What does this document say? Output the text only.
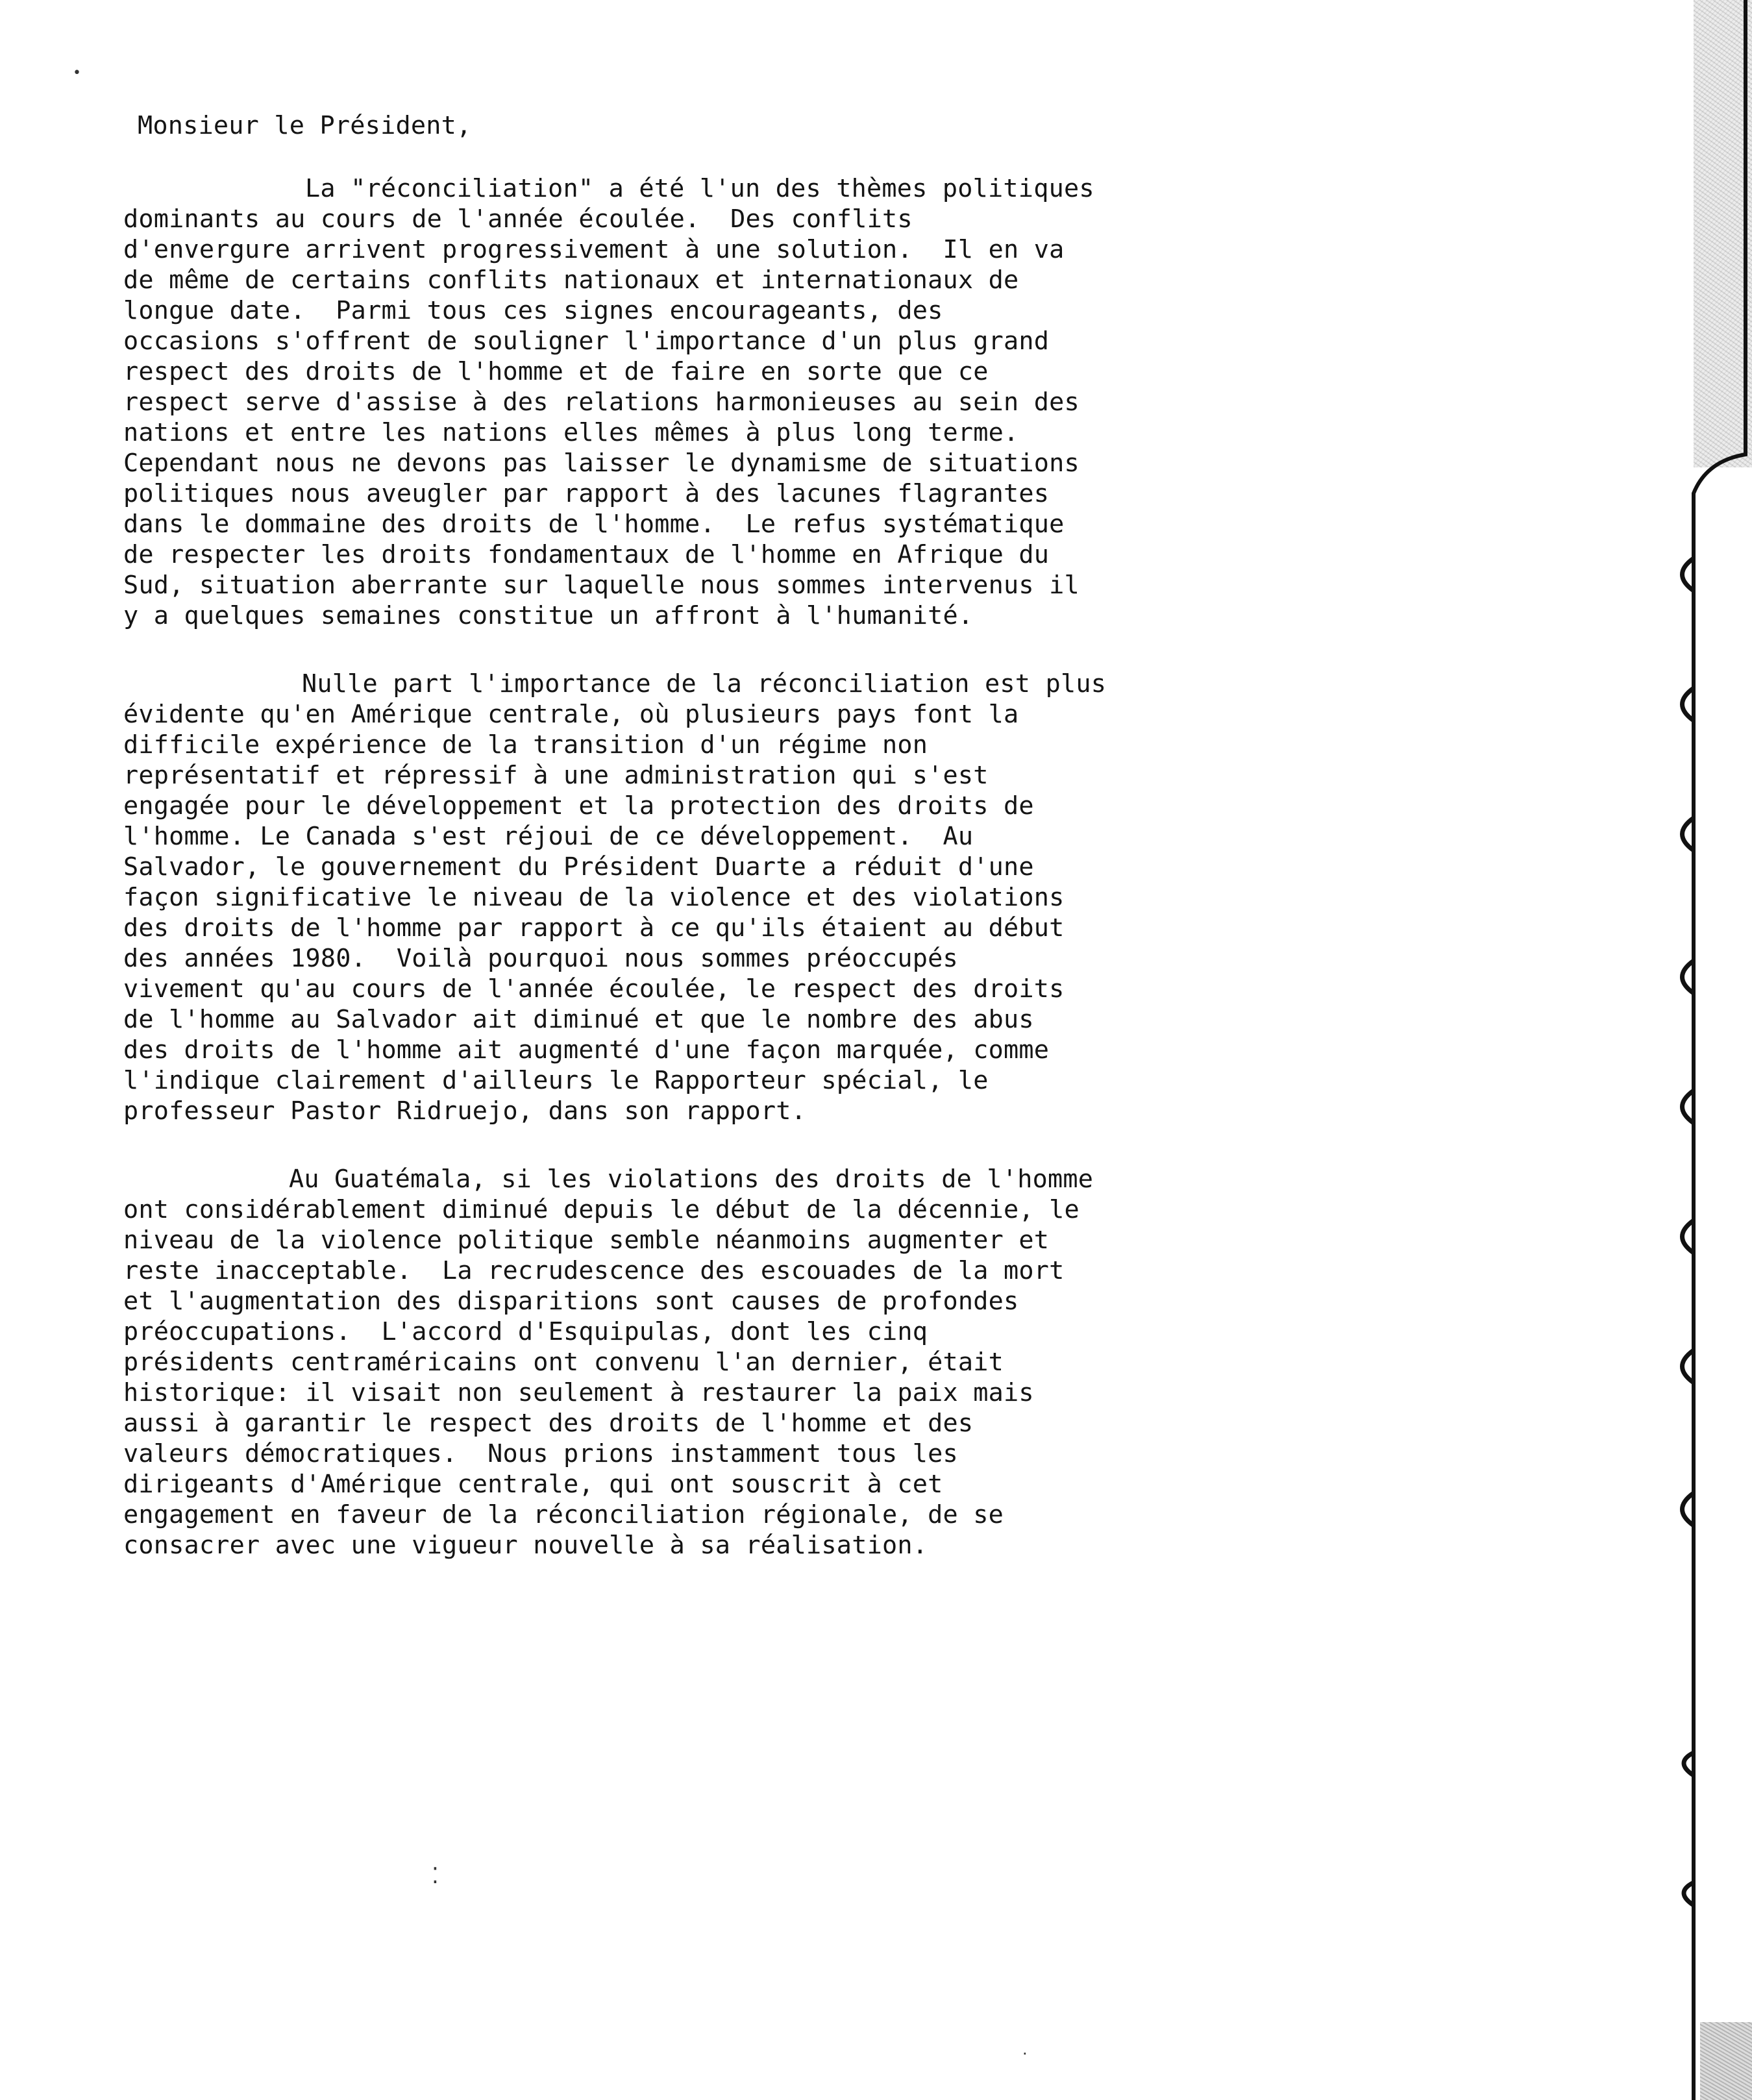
Monsieur le Président,
La "réconciliation" a été l'un des thèmes politiques
dominants au cours de l'année écoulée.  Des conflits
d'envergure arrivent progressivement à une solution.  Il en va
de même de certains conflits nationaux et internationaux de
longue date.  Parmi tous ces signes encourageants, des
occasions s'offrent de souligner l'importance d'un plus grand
respect des droits de l'homme et de faire en sorte que ce
respect serve d'assise à des relations harmonieuses au sein des
nations et entre les nations elles mêmes à plus long terme.
Cependant nous ne devons pas laisser le dynamisme de situations
politiques nous aveugler par rapport à des lacunes flagrantes
dans le dommaine des droits de l'homme.  Le refus systématique
de respecter les droits fondamentaux de l'homme en Afrique du
Sud, situation aberrante sur laquelle nous sommes intervenus il
y a quelques semaines constitue un affront à l'humanité.
Nulle part l'importance de la réconciliation est plus
évidente qu'en Amérique centrale, où plusieurs pays font la
difficile expérience de la transition d'un régime non
représentatif et répressif à une administration qui s'est
engagée pour le développement et la protection des droits de
l'homme. Le Canada s'est réjoui de ce développement.  Au
Salvador, le gouvernement du Président Duarte a réduit d'une
façon significative le niveau de la violence et des violations
des droits de l'homme par rapport à ce qu'ils étaient au début
des années 1980.  Voilà pourquoi nous sommes préoccupés
vivement qu'au cours de l'année écoulée, le respect des droits
de l'homme au Salvador ait diminué et que le nombre des abus
des droits de l'homme ait augmenté d'une façon marquée, comme
l'indique clairement d'ailleurs le Rapporteur spécial, le
professeur Pastor Ridruejo, dans son rapport.
Au Guatémala, si les violations des droits de l'homme
ont considérablement diminué depuis le début de la décennie, le
niveau de la violence politique semble néanmoins augmenter et
reste inacceptable.  La recrudescence des escouades de la mort
et l'augmentation des disparitions sont causes de profondes
préoccupations.  L'accord d'Esquipulas, dont les cinq
présidents centraméricains ont convenu l'an dernier, était
historique: il visait non seulement à restaurer la paix mais
aussi à garantir le respect des droits de l'homme et des
valeurs démocratiques.  Nous prions instamment tous les
dirigeants d'Amérique centrale, qui ont souscrit à cet
engagement en faveur de la réconciliation régionale, de se
consacrer avec une vigueur nouvelle à sa réalisation.
•
⁚
·
